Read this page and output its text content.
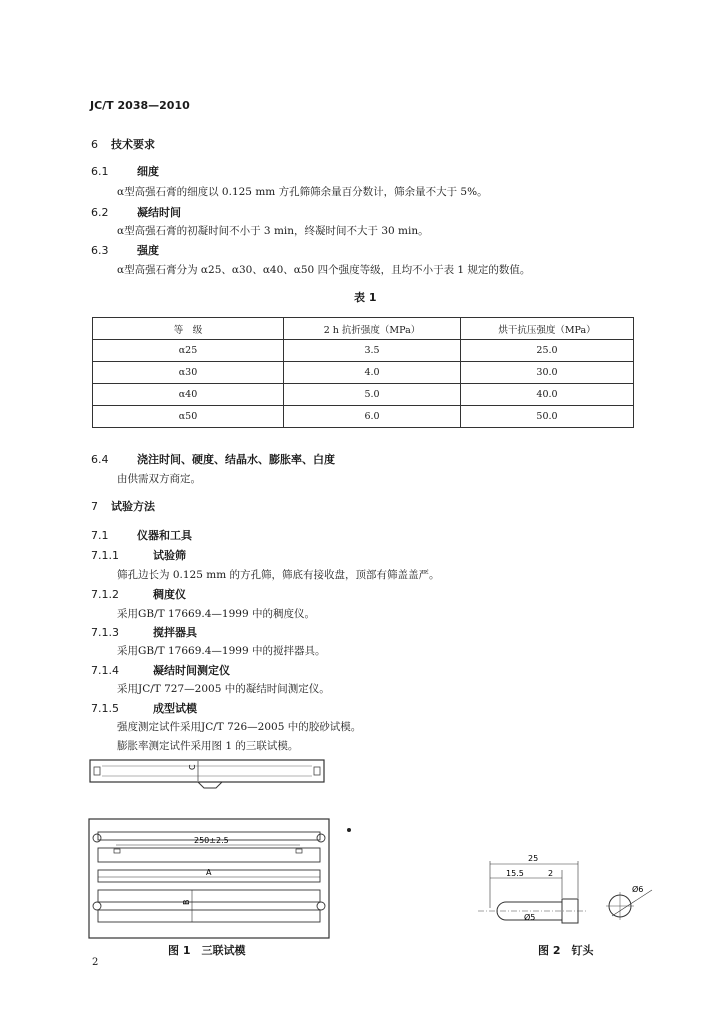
JC/T 2038—2010
6 技术要求
6.1	细度
α型高强石膏的细度以 0.125 mm 方孔筛筛余量百分数计，筛余量不大于 5%。
6.2	凝结时间
α型高强石膏的初凝时间不小于 3 min，终凝时间不大于 30 min。
6.3	强度
α型高强石膏分为 α25、α30、α40、α50 四个强度等级，且均不小于表 1 规定的数值。
表 1
等　级	2 h 抗折强度（MPa）	烘干抗压强度（MPa）
α25	3.5	25.0
α30	4.0	30.0
α40	5.0	40.0
α50	6.0	50.0
6.4	浇注时间、硬度、结晶水、膨胀率、白度
由供需双方商定。
7 试验方法
7.1	仪器和工具
7.1.1	试验筛
筛孔边长为 0.125 mm 的方孔筛，筛底有接收盘，顶部有筛盖盖严。
7.1.2	稠度仪
采用GB/T 17669.4—1999 中的稠度仪。
7.1.3	搅拌器具
采用GB/T 17669.4—1999 中的搅拌器具。
7.1.4	凝结时间测定仪
采用JC/T 727—2005 中的凝结时间测定仪。
7.1.5	成型试模
强度测定试件采用JC/T 726—2005 中的胶砂试模。
膨胀率测定试件采用图 1 的三联试模。
C
250±2.5
A
B
图 1　三联试模
25
15.5	2
Ø5
Ø6
图 2　钉头
2
